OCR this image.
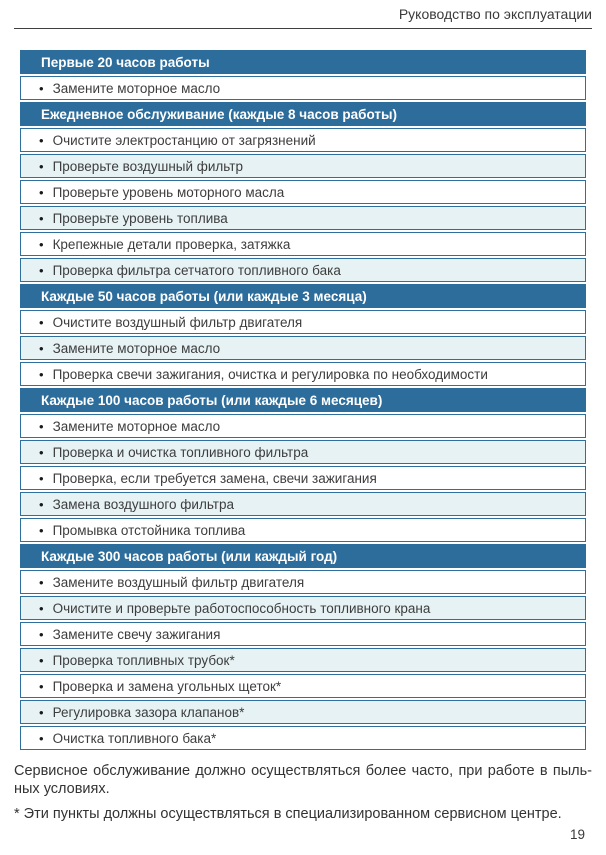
Руководство по эксплуатации
Первые 20 часов работы
• Замените моторное масло
Ежедневное обслуживание (каждые 8 часов работы)
• Очистите электростанцию от загрязнений
• Проверьте воздушный фильтр
• Проверьте уровень моторного масла
• Проверьте уровень топлива
• Крепежные детали проверка, затяжка
• Проверка фильтра сетчатого топливного бака
Каждые 50 часов работы (или каждые 3 месяца)
• Очистите воздушный фильтр двигателя
• Замените моторное масло
• Проверка свечи зажигания, очистка и регулировка по необходимости
Каждые 100 часов работы (или каждые 6 месяцев)
• Замените моторное масло
• Проверка и очистка топливного фильтра
• Проверка, если требуется замена, свечи зажигания
• Замена воздушного фильтра
• Промывка отстойника топлива
Каждые 300 часов работы (или каждый год)
• Замените воздушный фильтр двигателя
• Очистите и проверьте работоспособность топливного крана
• Замените свечу зажигания
• Проверка топливных трубок*
• Проверка и замена угольных щеток*
• Регулировка зазора клапанов*
• Очистка топливного бака*
Сервисное обслуживание должно осуществляться более часто, при работе в пыль-
ных условиях.
* Эти пункты должны осуществляться в специализированном сервисном центре.
19
